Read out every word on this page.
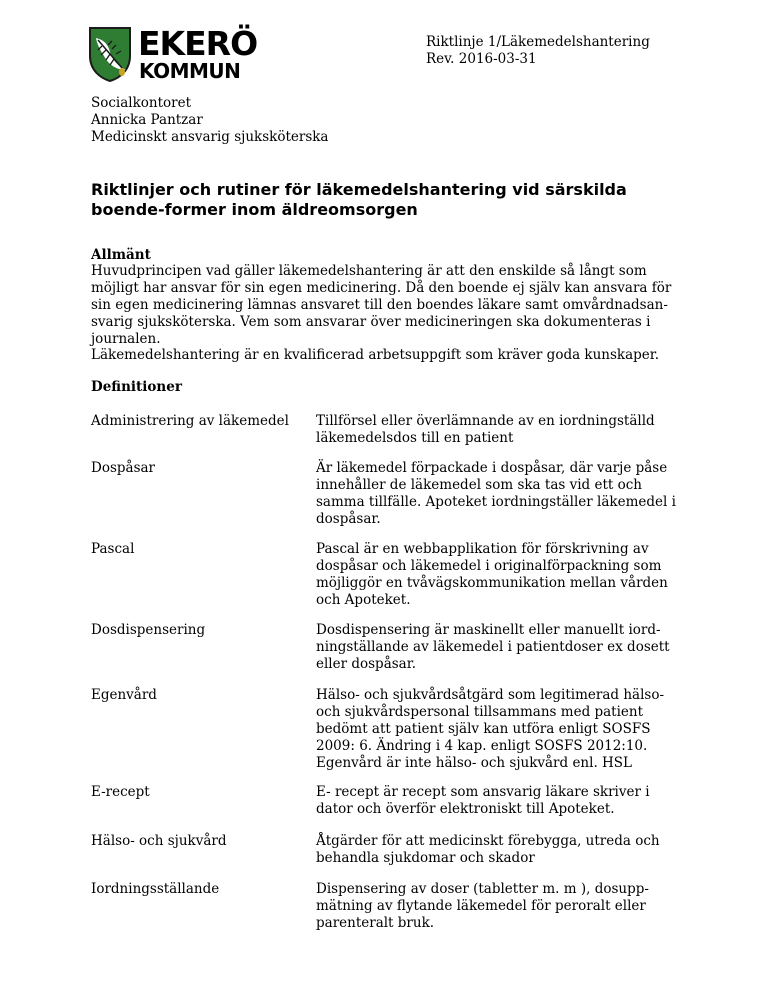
EKERÖ
KOMMUN
Riktlinje 1/Läkemedelshantering
Rev. 2016-03-31
Socialkontoret
Annicka Pantzar
Medicinskt ansvarig sjuksköterska
Riktlinjer och rutiner för läkemedelshantering vid särskilda boende-former inom äldreomsorgen
Allmänt
Huvudprincipen vad gäller läkemedelshantering är att den enskilde så långt som möjligt har ansvar för sin egen medicinering. Då den boende ej själv kan ansvara för sin egen medicinering lämnas ansvaret till den boendes läkare samt omvårdnadsan-svarig sjuksköterska. Vem som ansvarar över medicineringen ska dokumenteras i journalen.
Läkemedelshantering är en kvalificerad arbetsuppgift som kräver goda kunskaper.
Definitioner
Administrering av läkemedel	Tillförsel eller överlämnande av en iordningställd läkemedelsdos till en patient
Dospåsar	Är läkemedel förpackade i dospåsar, där varje påse innehåller de läkemedel som ska tas vid ett och samma tillfälle. Apoteket iordningställer läkemedel i dospåsar.
Pascal	Pascal är en webbapplikation för förskrivning av dospåsar och läkemedel i originalförpackning som möjliggör en tvåvägskommunikation mellan vården och Apoteket.
Dosdispensering	Dosdispensering är maskinellt eller manuellt iord-ningställande av läkemedel i patientdoser ex dosett eller dospåsar.
Egenvård	Hälso- och sjukvårdsåtgärd som legitimerad hälso-och sjukvårdspersonal tillsammans med patient bedömt att patient själv kan utföra enligt SOSFS 2009: 6. Ändring i 4 kap. enligt SOSFS 2012:10. Egenvård är inte hälso- och sjukvård enl. HSL
E-recept	E- recept är recept som ansvarig läkare skriver i dator och överför elektroniskt till Apoteket.
Hälso- och sjukvård	Åtgärder för att medicinskt förebygga, utreda och behandla sjukdomar och skador
Iordningsställande	Dispensering av doser (tabletter m. m ), dosupp-mätning av flytande läkemedel för peroralt eller parenteralt bruk.
